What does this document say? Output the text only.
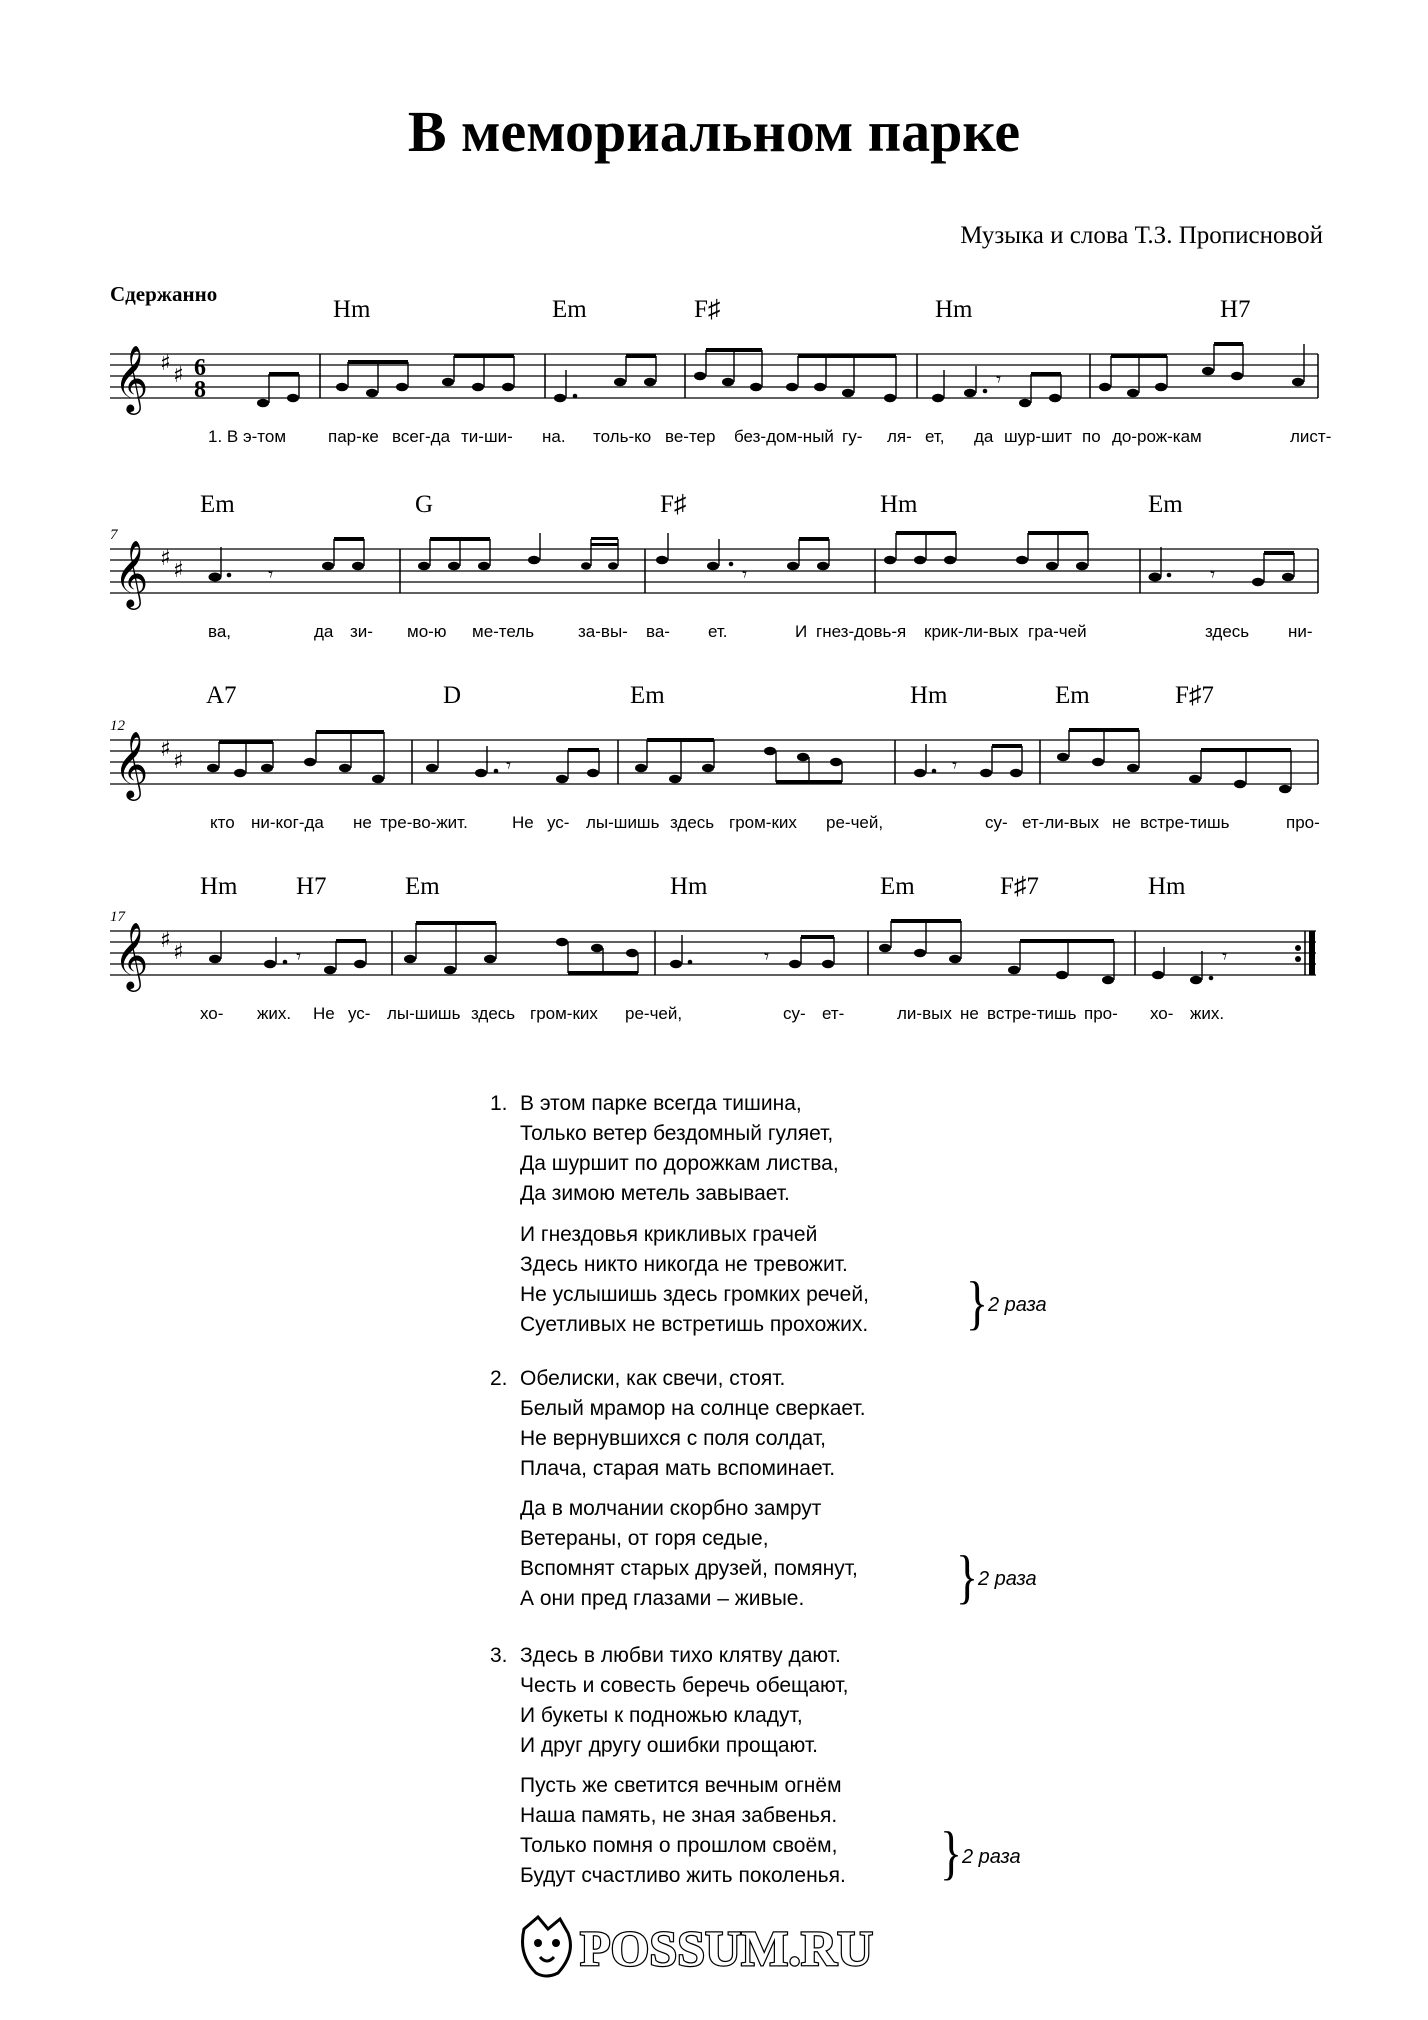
В мемориальном парке
Музыка и слова Т.З. Прописновой
Сдержанно
Hm	Em	F♯	Hm	H7
𝄞 ♯ ♯ 6
8	𝄾
1. В э-том пар-ке всег-да ти-ши- на. толь-ко ве-тер без-дом-ный гу- ля- ет, да шур-шит по до-рож-кам	лист-
7
Em	G	F♯	Hm	Em
𝄞 ♯ ♯	𝄾	𝄾	𝄾
ва,	да зи- мо-ю ме-тель	за-вы- ва- ет.	И гнез-довь-я крик-ли-вых гра-чей	здесь ни-
12
A7	D	Em	Hm	Em	F♯7
𝄞 ♯ ♯	𝄾	𝄾
кто ни-ког-да не тре-во-жит.	Не ус- лы-шишь здесь гром-ких ре-чей,	су- ет-ли-вых не встре-тишь	про-
17
Hm H7	Em	Hm	Em	F♯7	Hm
𝄞 ♯ ♯	𝄾	𝄾	𝄾
хо- жих. Не ус- лы-шишь здесь гром-ких ре-чей,	су- ет-	ли-вых не встре-тишь про- хо- жих.
1. В этом парке всегда тишина,
Только ветер бездомный гуляет,
Да шуршит по дорожкам листва,
Да зимою метель завывает.
И гнездовья крикливых грачей
Здесь никто никогда не тревожит.
Не услышишь здесь громких речей,
Суетливых не встретишь прохожих. } 2 раза
2. Обелиски, как свечи, стоят.
Белый мрамор на солнце сверкает.
Не вернувшихся с поля солдат,
Плача, старая мать вспоминает.
Да в молчании скорбно замрут
Ветераны, от горя седые,
Вспомнят старых друзей, помянут,
А они пред глазами – живые.	} 2 раза
3. Здесь в любви тихо клятву дают.
Честь и совесть беречь обещают,
И букеты к подножью кладут,
И друг другу ошибки прощают.
Пусть же светится вечным огнём
Наша память, не зная забвенья.
Только помня о прошлом своём,
Будут счастливо жить поколенья. } 2 раза
POSSUM.RU
